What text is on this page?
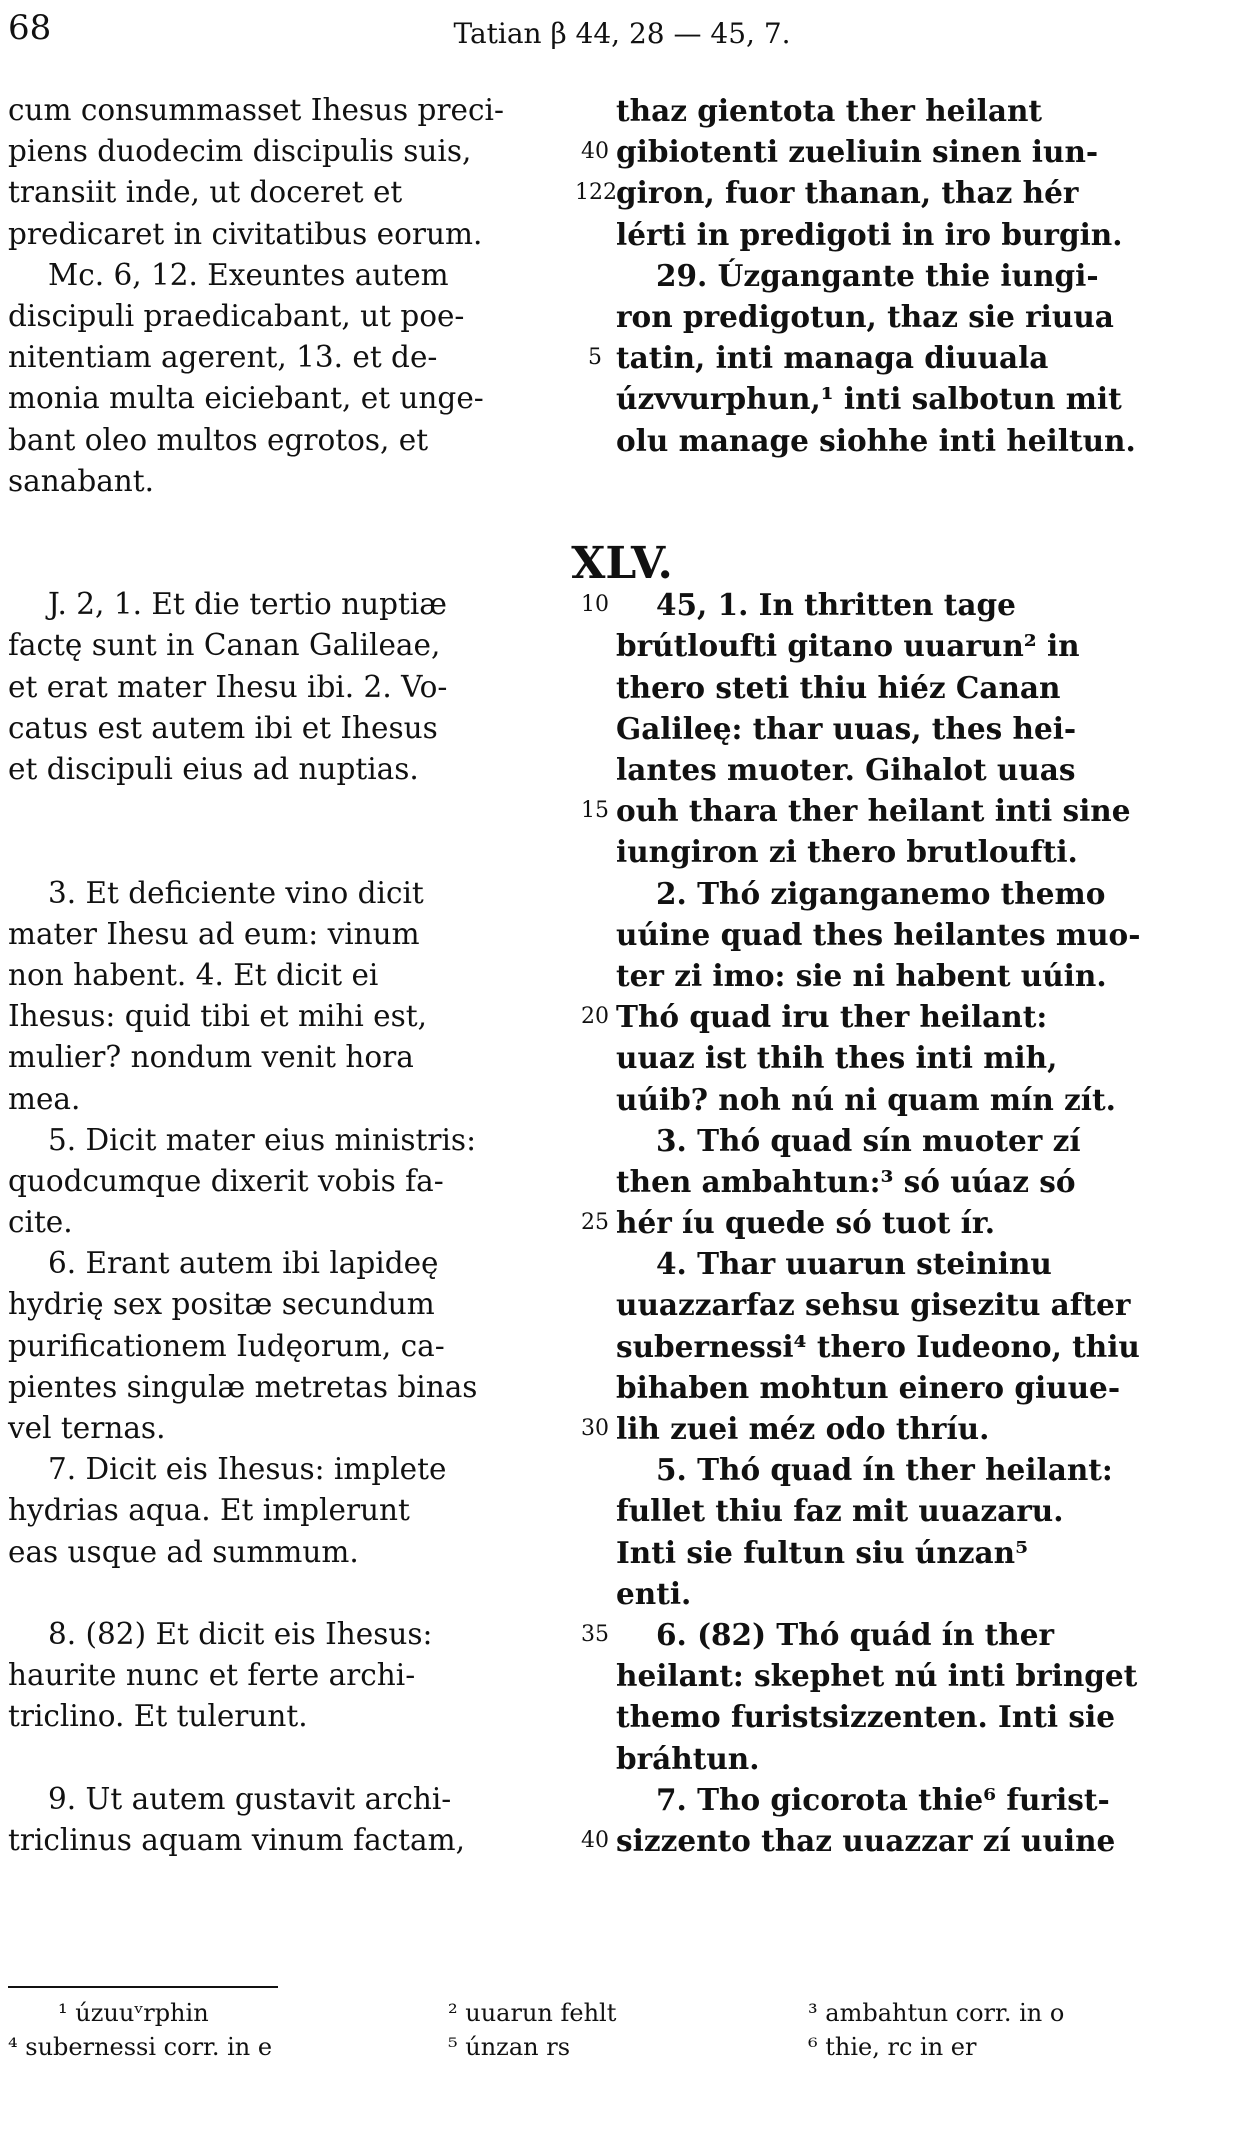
68	Tatian β 44, 28 — 45, 7.
cum consummasset Ihesus preci-
piens duodecim discipulis suis,
transiit inde, ut doceret et
predicaret in civitatibus eorum.
Mc. 6, 12. Exeuntes autem
discipuli praedicabant, ut poe-
nitentiam agerent, 13. et de-
monia multa eiciebant, et unge-
bant oleo multos egrotos, et
sanabant.
J. 2, 1. Et die tertio nuptiæ
factę sunt in Canan Galileae,
et erat mater Ihesu ibi. 2. Vo-
catus est autem ibi et Ihesus
et discipuli eius ad nuptias.
3. Et deficiente vino dicit
mater Ihesu ad eum: vinum
non habent. 4. Et dicit ei
Ihesus: quid tibi et mihi est,
mulier? nondum venit hora
mea.
5. Dicit mater eius ministris:
quodcumque dixerit vobis fa-
cite.
6. Erant autem ibi lapideę
hydrię sex positæ secundum
purificationem Iudęorum, ca-
pientes singulæ metretas binas
vel ternas.
7. Dicit eis Ihesus: implete
hydrias aqua. Et implerunt
eas usque ad summum.
8. (82) Et dicit eis Ihesus:
haurite nunc et ferte archi-
triclino. Et tulerunt.
9. Ut autem gustavit archi-
triclinus aquam vinum factam,
40
122
5
10
15
20
25
30
35
40
thaz gientota ther heilant
gibiotenti zueliuin sinen iun-
giron, fuor thanan, thaz hér
lérti in predigoti in iro burgin.
29. Úzgangante thie iungi-
ron predigotun, thaz sie riuua
tatin, inti managa diuuala
úzvvurphun,¹ inti salbotun mit
olu manage siohhe inti heiltun.
45, 1. In thritten tage
brútloufti gitano uuarun² in
thero steti thiu hiéz Canan
Galileę: thar uuas, thes hei-
lantes muoter. Gihalot uuas
ouh thara ther heilant inti sine
iungiron zi thero brutloufti.
2. Thó ziganganemo themo
uúine quad thes heilantes muo-
ter zi imo: sie ni habent uúin.
Thó quad iru ther heilant:
uuaz ist thih thes inti mih,
uúib? noh nú ni quam mín zít.
3. Thó quad sín muoter zí
then ambahtun:³ só uúaz só
hér íu quede só tuot ír.
4. Thar uuarun steininu
uuazzarfaz sehsu gisezitu after
subernessi⁴ thero Iudeono, thiu
bihaben mohtun einero giuue-
lih zuei méz odo thríu.
5. Thó quad ín ther heilant:
fullet thiu faz mit uuazaru.
Inti sie fultun siu únzan⁵
enti.
6. (82) Thó quád ín ther
heilant: skephet nú inti bringet
themo furistsizzenten. Inti sie
bráhtun.
7. Tho gicorota thie⁶ furist-
sizzento thaz uuazzar zí uuine
XLV.
¹ úzuuᵛrphin	² uuarun fehlt	³ ambahtun corr. in o
⁴ subernessi corr. in e	⁵ únzan rs	⁶ thie, rc in er
